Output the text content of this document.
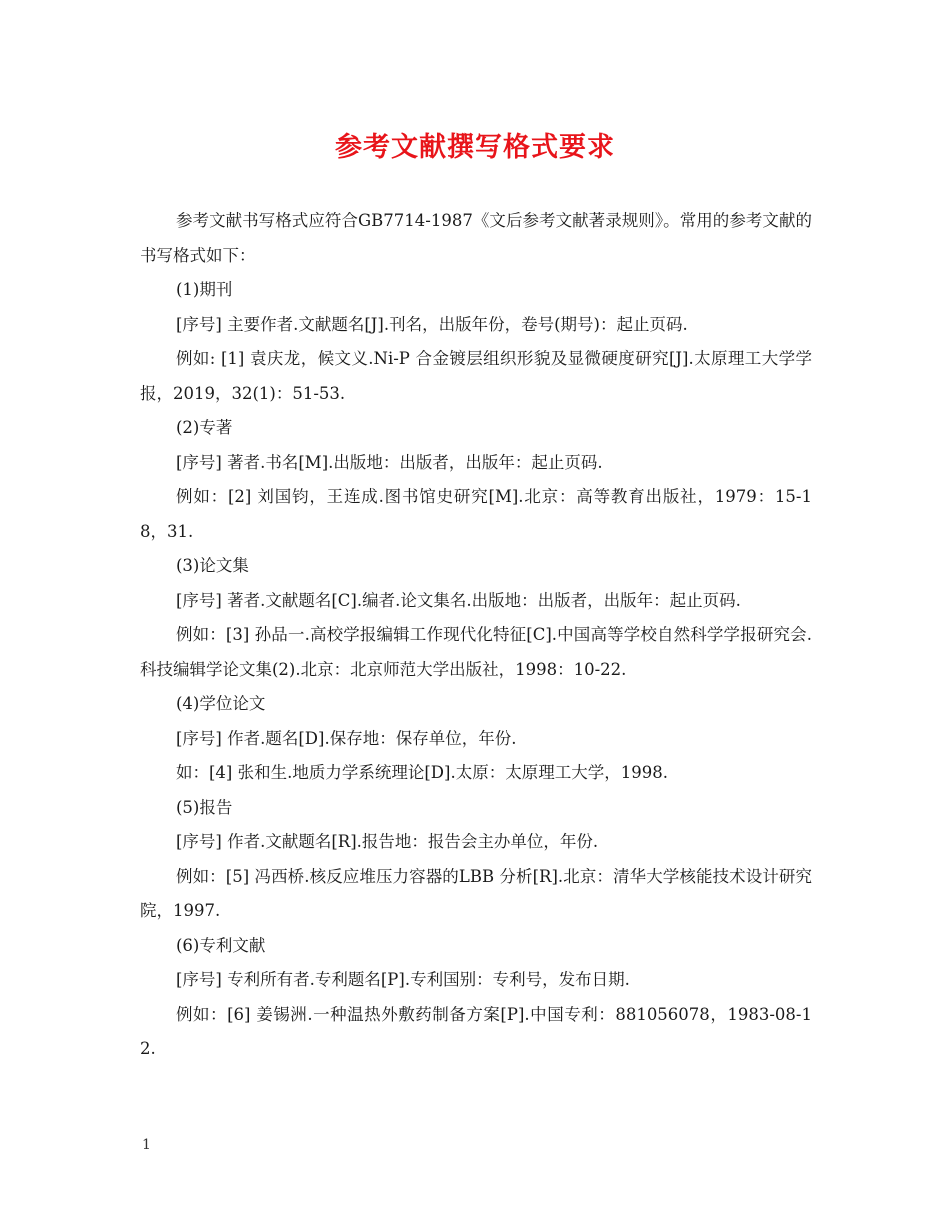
参考文献撰写格式要求

参考文献书写格式应符合GB7714-1987《文后参考文献著录规则》。常用的参考文献的书写格式如下：

(1)期刊

[序号] 主要作者.文献题名[J].刊名，出版年份，卷号(期号)：起止页码.

例如: [1] 袁庆龙，候文义.Ni-P 合金镀层组织形貌及显微硬度研究[J].太原理工大学学报，2019，32(1)：51-53.

(2)专著

[序号] 著者.书名[M].出版地：出版者，出版年：起止页码.

例如：[2] 刘国钧，王连成.图书馆史研究[M].北京：高等教育出版社，1979：15-18，31.

(3)论文集

[序号] 著者.文献题名[C].编者.论文集名.出版地：出版者，出版年：起止页码.

例如：[3] 孙品一.高校学报编辑工作现代化特征[C].中国高等学校自然科学学报研究会.科技编辑学论文集(2).北京：北京师范大学出版社，1998：10-22.

(4)学位论文

[序号] 作者.题名[D].保存地：保存单位，年份.

如：[4] 张和生.地质力学系统理论[D].太原：太原理工大学，1998.

(5)报告

[序号] 作者.文献题名[R].报告地：报告会主办单位，年份.

例如：[5] 冯西桥.核反应堆压力容器的LBB 分析[R].北京：清华大学核能技术设计研究院，1997.

(6)专利文献

[序号] 专利所有者.专利题名[P].专利国别：专利号，发布日期.

例如：[6] 姜锡洲.一种温热外敷药制备方案[P].中国专利：881056078，1983-08-12.

1
